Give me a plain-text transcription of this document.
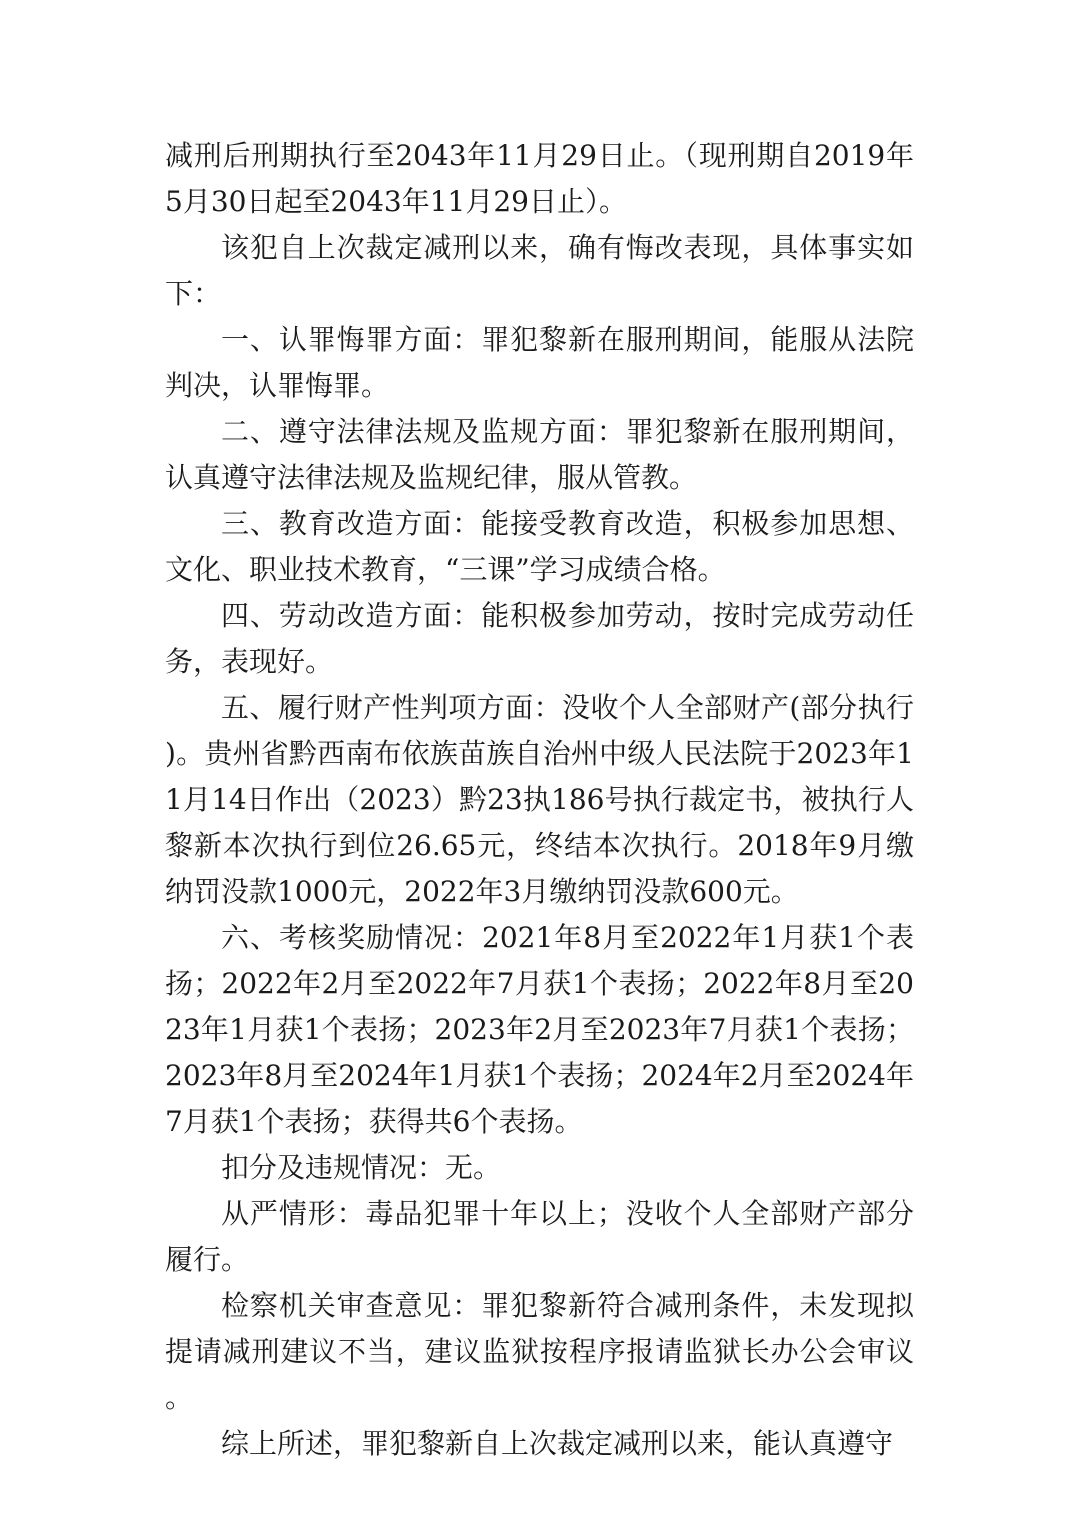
减刑后刑期执行至2043年11月29日止。（现刑期自2019年5月30日起至2043年11月29日止）。

该犯自上次裁定减刑以来，确有悔改表现，具体事实如下：

一、认罪悔罪方面：罪犯黎新在服刑期间，能服从法院判决，认罪悔罪。

二、遵守法律法规及监规方面：罪犯黎新在服刑期间，认真遵守法律法规及监规纪律，服从管教。

三、教育改造方面：能接受教育改造，积极参加思想、文化、职业技术教育，“三课”学习成绩合格。

四、劳动改造方面：能积极参加劳动，按时完成劳动任务，表现好。

五、履行财产性判项方面：没收个人全部财产(部分执行)。贵州省黔西南布依族苗族自治州中级人民法院于2023年11月14日作出（2023）黔23执186号执行裁定书，被执行人黎新本次执行到位26.65元，终结本次执行。2018年9月缴纳罚没款1000元，2022年3月缴纳罚没款600元。

六、考核奖励情况：2021年8月至2022年1月获1个表扬；2022年2月至2022年7月获1个表扬；2022年8月至2023年1月获1个表扬；2023年2月至2023年7月获1个表扬；2023年8月至2024年1月获1个表扬；2024年2月至2024年7月获1个表扬；获得共6个表扬。

扣分及违规情况：无。

从严情形：毒品犯罪十年以上；没收个人全部财产部分履行。

检察机关审查意见：罪犯黎新符合减刑条件，未发现拟提请减刑建议不当，建议监狱按程序报请监狱长办公会审议。

综上所述，罪犯黎新自上次裁定减刑以来，能认真遵守
